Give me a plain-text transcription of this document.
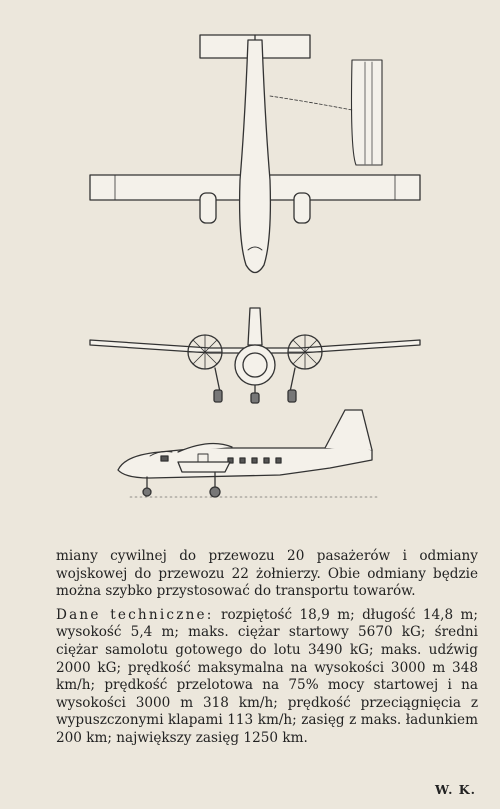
miany cywilnej do przewozu 20 pasażerów i odmiany wojskowej do przewozu 22 żołnierzy. Obie odmiany będzie można szybko przystosować do transportu towarów.

Dane techniczne: rozpiętość 18,9 m; długość 14,8 m; wysokość 5,4 m; maks. ciężar startowy 5670 kG; średni ciężar samolotu gotowego do lotu 3490 kG; maks. udźwig 2000 kG; prędkość maksymalna na wysokości 3000 m 348 km/h; prędkość przelotowa na 75% mocy startowej i na wysokości 3000 m 318 km/h; prędkość przeciągnięcia z wypuszczonymi klapami 113 km/h; zasięg z maks. ładunkiem 200 km; największy zasięg 1250 km.

W. K.
